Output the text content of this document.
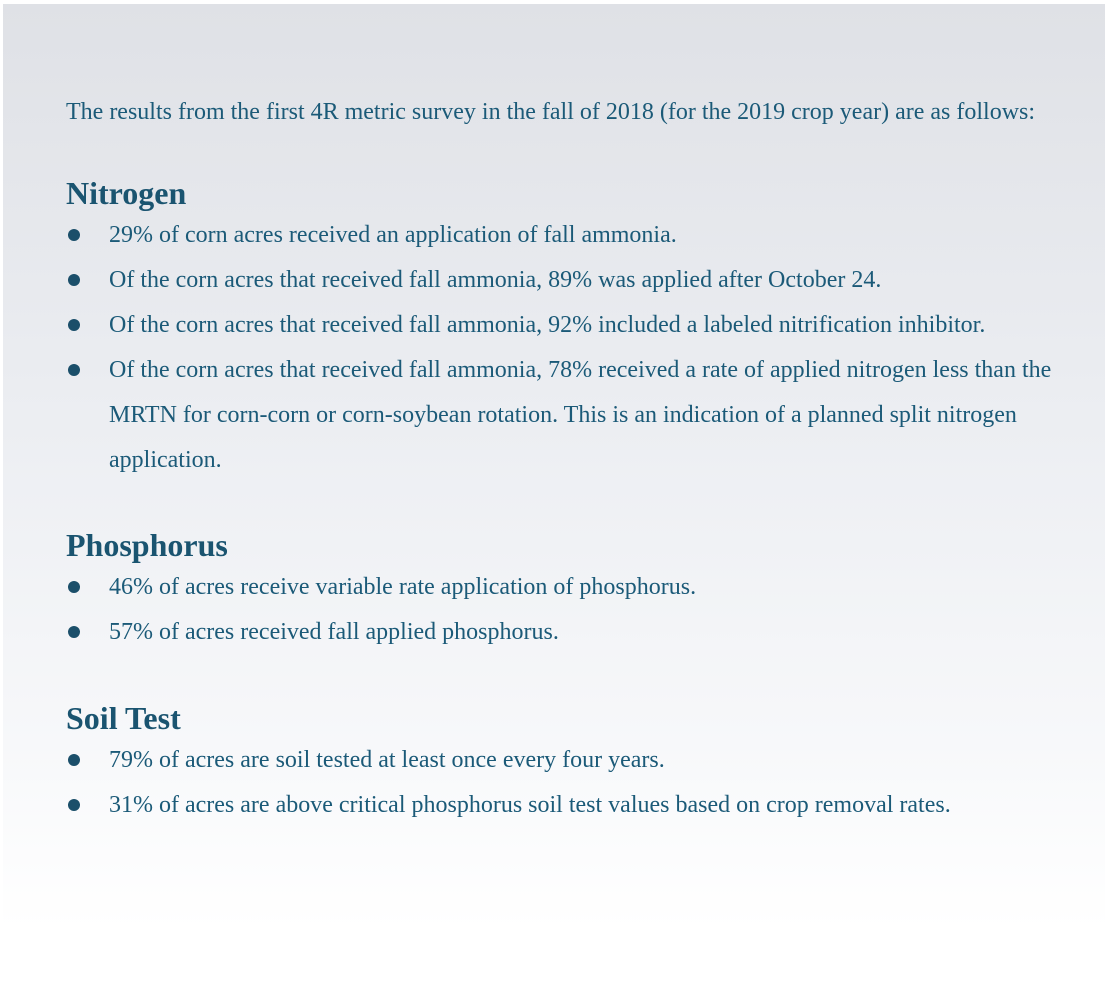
The results from the first 4R metric survey in the fall of 2018 (for the 2019 crop year) are as follows:

Nitrogen
29% of corn acres received an application of fall ammonia.
Of the corn acres that received fall ammonia, 89% was applied after October 24.
Of the corn acres that received fall ammonia, 92% included a labeled nitrification inhibitor.
Of the corn acres that received fall ammonia, 78% received a rate of applied nitrogen less than the MRTN for corn-corn or corn-soybean rotation. This is an indication of a planned split nitrogen application.
Phosphorus
46% of acres receive variable rate application of phosphorus.
57% of acres received fall applied phosphorus.
Soil Test
79% of acres are soil tested at least once every four years.
31% of acres are above critical phosphorus soil test values based on crop removal rates.
